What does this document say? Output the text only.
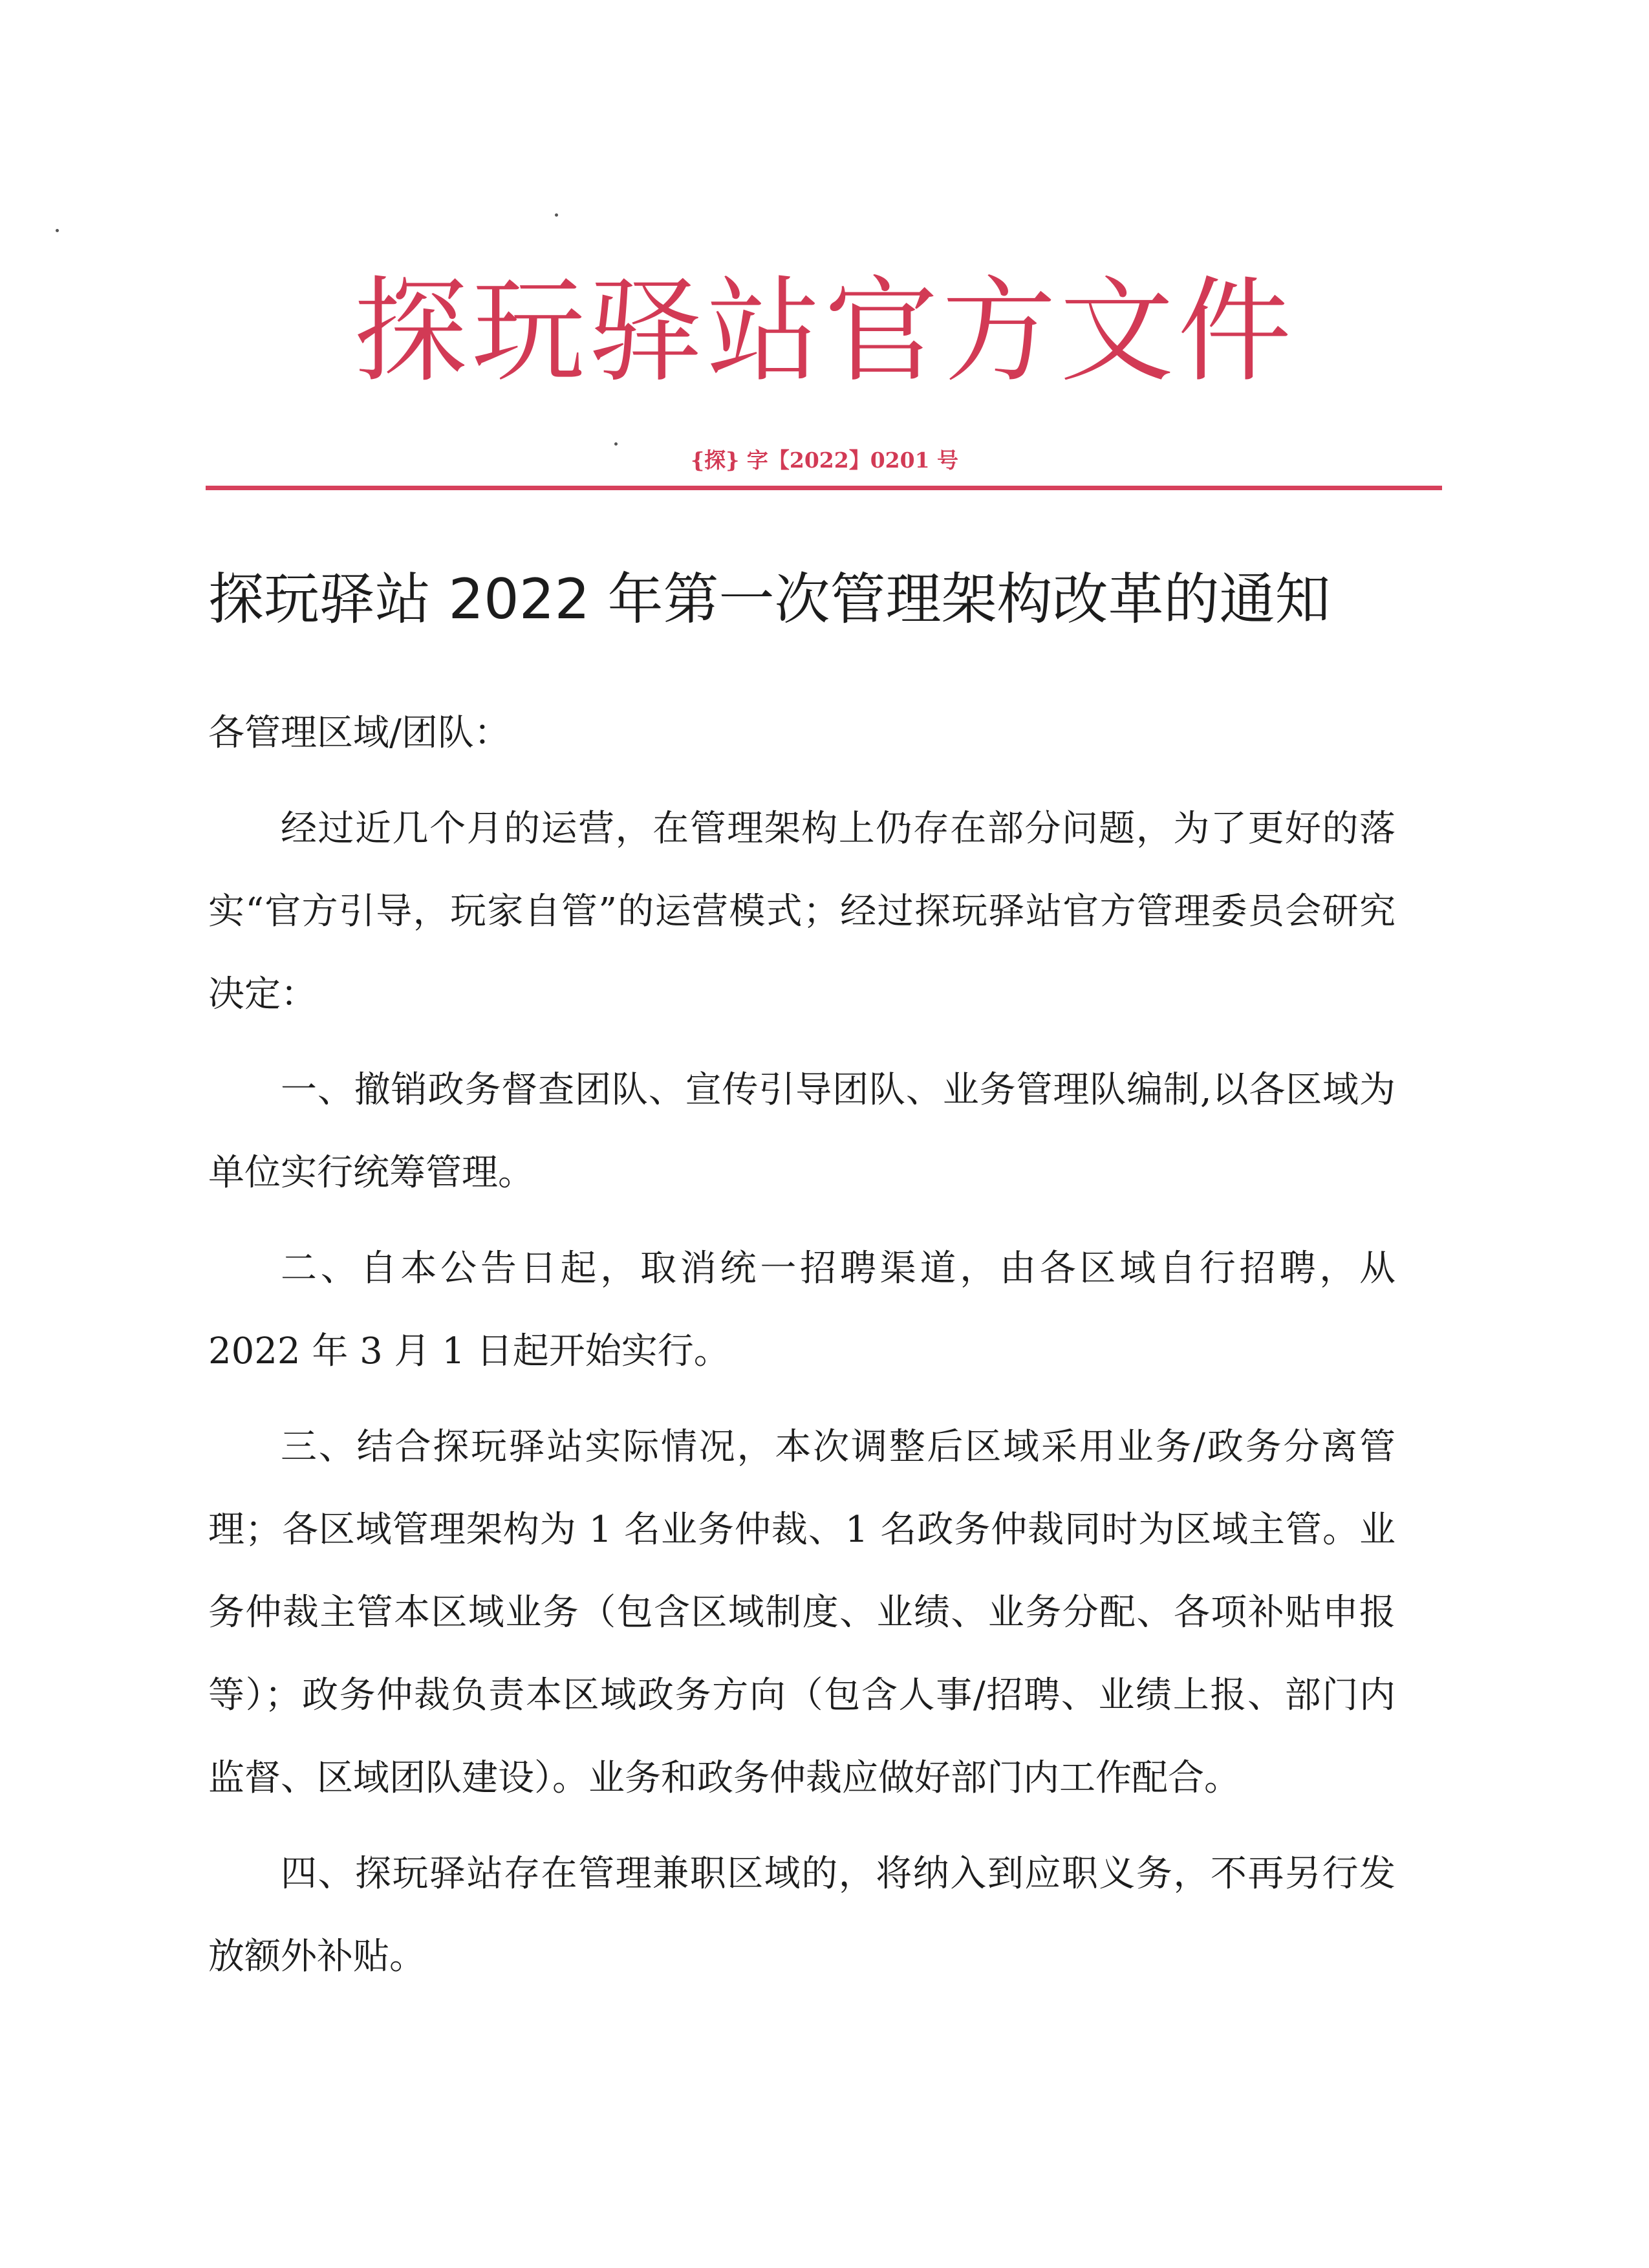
探玩驿站官方文件
{探} 字【2022】0201 号
探玩驿站 2022 年第一次管理架构改革的通知

各管理区域/团队：

经过近几个月的运营，在管理架构上仍存在部分问题，为了更好的落实“官方引导，玩家自管”的运营模式；经过探玩驿站官方管理委员会研究决定：

一、撤销政务督查团队、宣传引导团队、业务管理队编制,以各区域为单位实行统筹管理。

二、自本公告日起，取消统一招聘渠道，由各区域自行招聘，从 2022 年 3 月 1 日起开始实行。

三、结合探玩驿站实际情况，本次调整后区域采用业务/政务分离管理；各区域管理架构为 1 名业务仲裁、1 名政务仲裁同时为区域主管。业务仲裁主管本区域业务（包含区域制度、业绩、业务分配、各项补贴申报等）；政务仲裁负责本区域政务方向（包含人事/招聘、业绩上报、部门内监督、区域团队建设）。业务和政务仲裁应做好部门内工作配合。

四、探玩驿站存在管理兼职区域的，将纳入到应职义务，不再另行发放额外补贴。
